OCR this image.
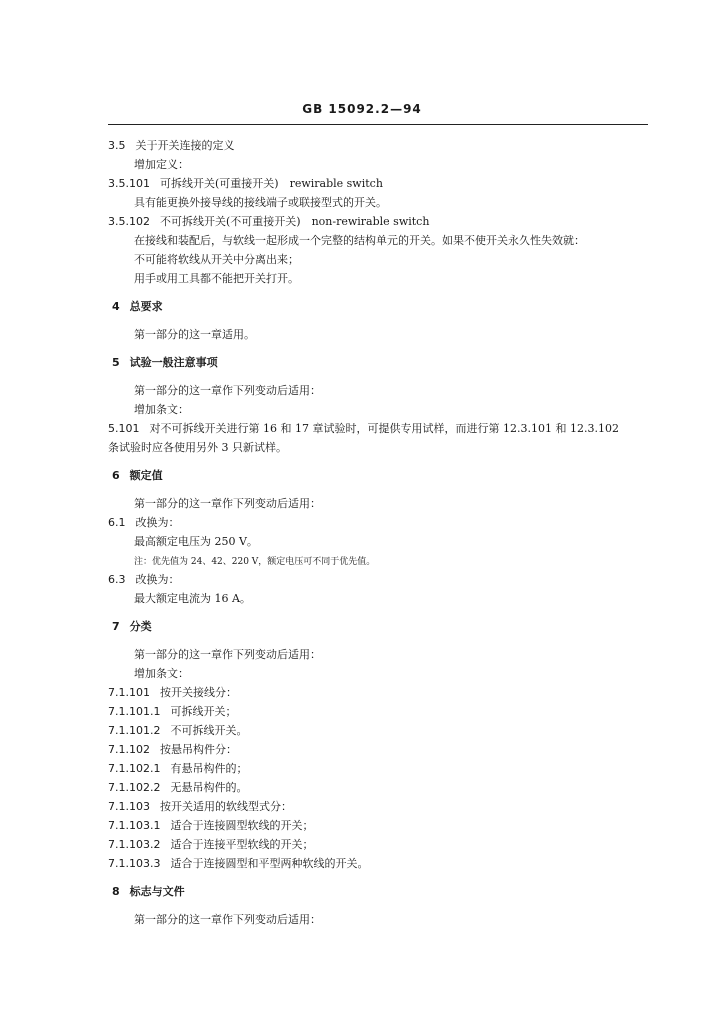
GB 15092.2—94
3.5 关于开关连接的定义
增加定义：
3.5.101 可拆线开关(可重接开关)　rewirable switch
具有能更换外接导线的接线端子或联接型式的开关。
3.5.102 不可拆线开关(不可重接开关)　non-rewirable switch
在接线和装配后，与软线一起形成一个完整的结构单元的开关。如果不使开关永久性失效就：
不可能将软线从开关中分离出来；
用手或用工具都不能把开关打开。
4 总要求
第一部分的这一章适用。
5 试验一般注意事项
第一部分的这一章作下列变动后适用：
增加条文：
5.101 对不可拆线开关进行第 16 和 17 章试验时，可提供专用试样，而进行第 12.3.101 和 12.3.102
条试验时应各使用另外 3 只新试样。
6 额定值
第一部分的这一章作下列变动后适用：
6.1 改换为：
最高额定电压为 250 V。
注：优先值为 24、42、220 V，额定电压可不同于优先值。
6.3 改换为：
最大额定电流为 16 A。
7 分类
第一部分的这一章作下列变动后适用：
增加条文：
7.1.101 按开关接线分：
7.1.101.1 可拆线开关；
7.1.101.2 不可拆线开关。
7.1.102 按悬吊构件分：
7.1.102.1 有悬吊构件的；
7.1.102.2 无悬吊构件的。
7.1.103 按开关适用的软线型式分：
7.1.103.1 适合于连接圆型软线的开关；
7.1.103.2 适合于连接平型软线的开关；
7.1.103.3 适合于连接圆型和平型两种软线的开关。
8 标志与文件
第一部分的这一章作下列变动后适用：
